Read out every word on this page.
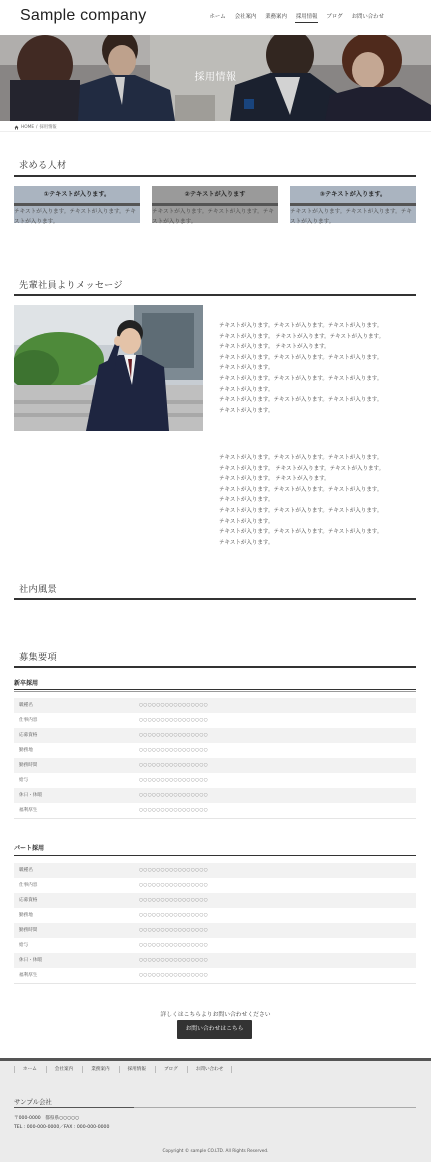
Sample company	ホーム	会社案内	業務案内	採用情報	ブログ	お問い合わせ
採用情報
HOME / 採用情報
求める人材
①テキストが入ります。
テキストが入ります。テキストが入ります。テキストが入ります。
②テキストが入ります
テキストが入ります。テキストが入ります。テキストが入ります。
③テキストが入ります。
テキストが入ります。テキストが入ります。テキストが入ります。
先輩社員よりメッセージ
テキストが入ります。テキストが入ります。テキストが入ります。
テキストが入ります。 テキストが入ります。テキストが入ります。
テキストが入ります。 テキストが入ります。
テキストが入ります。テキストが入ります。テキストが入ります。
テキストが入ります。
テキストが入ります。テキストが入ります。テキストが入ります。
テキストが入ります。
テキストが入ります。テキストが入ります。テキストが入ります。
テキストが入ります。
テキストが入ります。テキストが入ります。テキストが入ります。
テキストが入ります。 テキストが入ります。テキストが入ります。
テキストが入ります。 テキストが入ります。
テキストが入ります。テキストが入ります。テキストが入ります。
テキストが入ります。
テキストが入ります。テキストが入ります。テキストが入ります。
テキストが入ります。
テキストが入ります。テキストが入ります。テキストが入ります。
テキストが入ります。
社内風景
募集要項
新卒採用
職種名	○○○○○○○○○○○○○○○○
仕事内容	○○○○○○○○○○○○○○○○
応募資格	○○○○○○○○○○○○○○○○
勤務地	○○○○○○○○○○○○○○○○
勤務時間	○○○○○○○○○○○○○○○○
給与	○○○○○○○○○○○○○○○○
休日・休暇	○○○○○○○○○○○○○○○○
福利厚生	○○○○○○○○○○○○○○○○
パート採用
職種名	○○○○○○○○○○○○○○○○
仕事内容	○○○○○○○○○○○○○○○○
応募資格	○○○○○○○○○○○○○○○○
勤務地	○○○○○○○○○○○○○○○○
勤務時間	○○○○○○○○○○○○○○○○
給与	○○○○○○○○○○○○○○○○
休日・休暇	○○○○○○○○○○○○○○○○
福利厚生	○○○○○○○○○○○○○○○○
詳しくはこちらよりお問い合わせください
お問い合わせはこちら
ホーム	会社案内	業務案内	採用情報	ブログ	お問い合わせ
サンプル会社
〒000-0000　都県県○○○○○
TEL : 000-000-0000／FAX : 000-000-0000
Copyright © sample CO.LTD. All Rights Reserved.
